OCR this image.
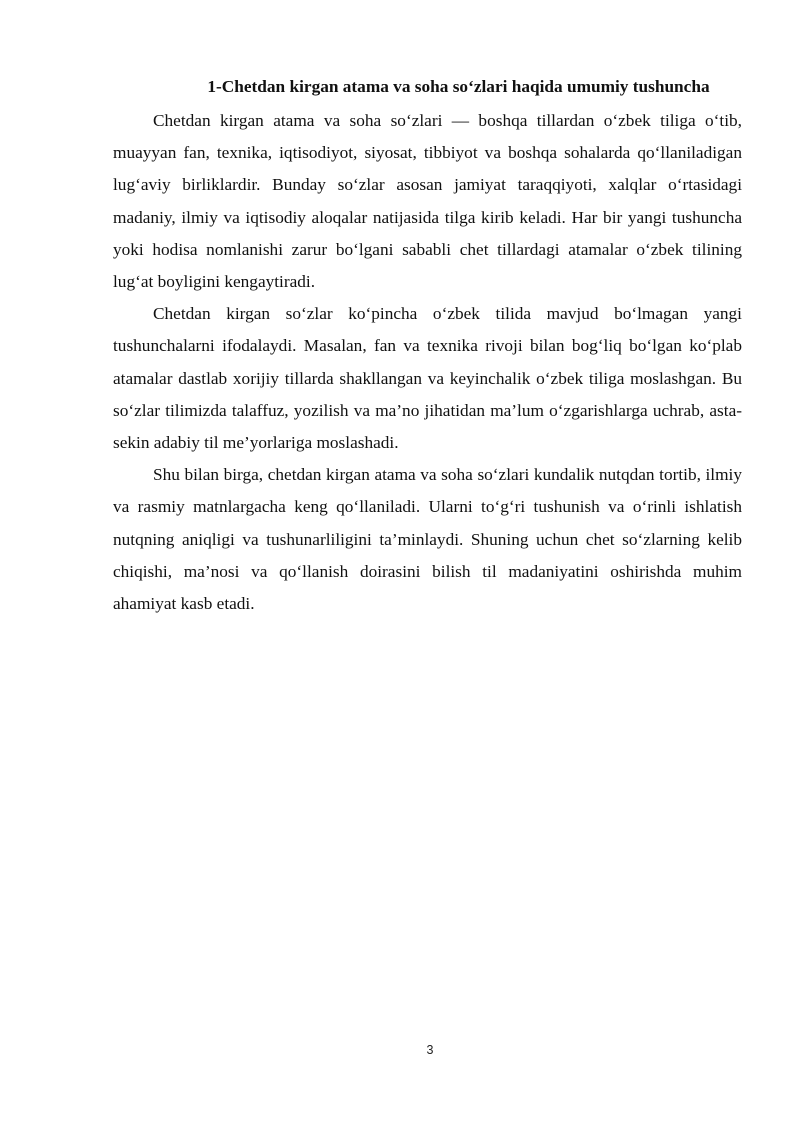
1-Chetdan kirgan atama va soha so‘zlari haqida umumiy tushuncha

Chetdan kirgan atama va soha so‘zlari — boshqa tillardan o‘zbek tiliga o‘tib, muayyan fan, texnika, iqtisodiyot, siyosat, tibbiyot va boshqa sohalarda qo‘llaniladigan lug‘aviy birliklardir. Bunday so‘zlar asosan jamiyat taraqqiyoti, xalqlar o‘rtasidagi madaniy, ilmiy va iqtisodiy aloqalar natijasida tilga kirib keladi. Har bir yangi tushuncha yoki hodisa nomlanishi zarur bo‘lgani sababli chet tillardagi atamalar o‘zbek tilining lug‘at boyligini kengaytiradi.

Chetdan kirgan so‘zlar ko‘pincha o‘zbek tilida mavjud bo‘lmagan yangi tushunchalarni ifodalaydi. Masalan, fan va texnika rivoji bilan bog‘liq bo‘lgan ko‘plab atamalar dastlab xorijiy tillarda shakllangan va keyinchalik o‘zbek tiliga moslashgan. Bu so‘zlar tilimizda talaffuz, yozilish va ma’no jihatidan ma’lum o‘zgarishlarga uchrab, asta-sekin adabiy til me’yorlariga moslashadi.

Shu bilan birga, chetdan kirgan atama va soha so‘zlari kundalik nutqdan tortib, ilmiy va rasmiy matnlargacha keng qo‘llaniladi. Ularni to‘g‘ri tushunish va o‘rinli ishlatish nutqning aniqligi va tushunarliligini ta’minlaydi. Shuning uchun chet so‘zlarning kelib chiqishi, ma’nosi va qo‘llanish doirasini bilish til madaniyatini oshirishda muhim ahamiyat kasb etadi.

3
